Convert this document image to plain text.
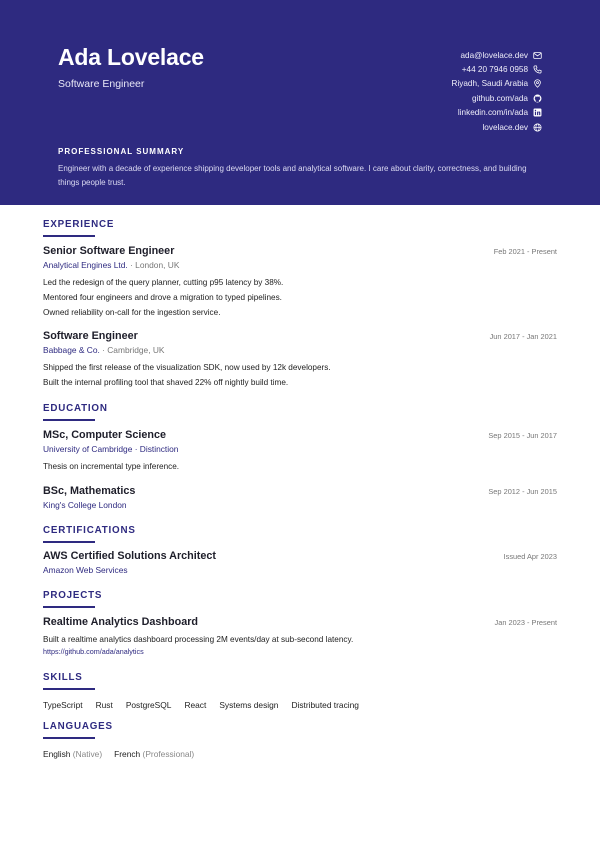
Ada Lovelace
Software Engineer
ada@lovelace.dev
+44 20 7946 0958
Riyadh, Saudi Arabia
github.com/ada
linkedin.com/in/ada
lovelace.dev
PROFESSIONAL SUMMARY
Engineer with a decade of experience shipping developer tools and analytical software. I care about clarity, correctness, and building things people trust.
EXPERIENCE
Senior Software Engineer	Feb 2021 - Present
Analytical Engines Ltd. · London, UK
Led the redesign of the query planner, cutting p95 latency by 38%.
Mentored four engineers and drove a migration to typed pipelines.
Owned reliability on-call for the ingestion service.
Software Engineer	Jun 2017 - Jan 2021
Babbage & Co. · Cambridge, UK
Shipped the first release of the visualization SDK, now used by 12k developers.
Built the internal profiling tool that shaved 22% off nightly build time.
EDUCATION
MSc, Computer Science	Sep 2015 - Jun 2017
University of Cambridge · Distinction
Thesis on incremental type inference.
BSc, Mathematics	Sep 2012 - Jun 2015
King's College London
CERTIFICATIONS
AWS Certified Solutions Architect	Issued Apr 2023
Amazon Web Services
PROJECTS
Realtime Analytics Dashboard	Jan 2023 - Present
Built a realtime analytics dashboard processing 2M events/day at sub-second latency.
https://github.com/ada/analytics
SKILLS
TypeScript Rust PostgreSQL React Systems design Distributed tracing
LANGUAGES
English (Native) French (Professional)
